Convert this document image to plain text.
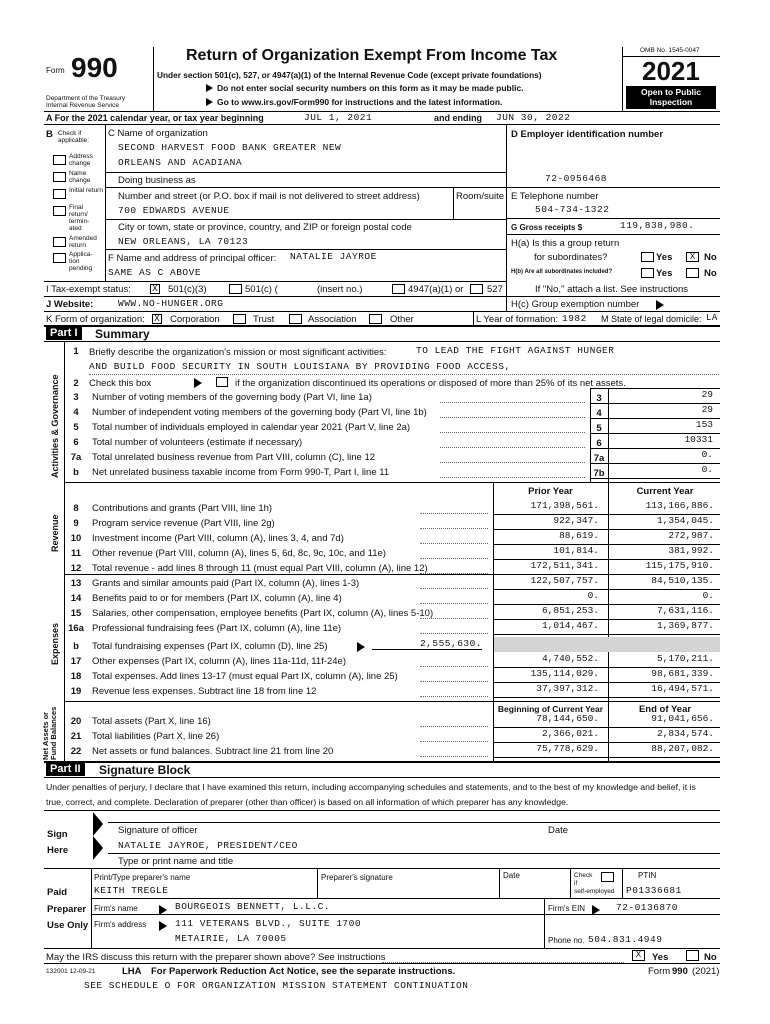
Form 990
Department of the Treasury
Internal Revenue Service
Return of Organization Exempt From Income Tax
Under section 501(c), 527, or 4947(a)(1) of the Internal Revenue Code (except private foundations)
Do not enter social security numbers on this form as it may be made public.
Go to www.irs.gov/Form990 for instructions and the latest information.
OMB No. 1545-0047
2021
Open to Public
Inspection
A For the 2021 calendar year, or tax year beginning	JUL 1, 2021	and ending JUN 30, 2022
B Check if
applicable:
Address change
Name change
Initial return
Final return/ termin- ated
Amended return
Applica- tion pending
C Name of organization
SECOND HARVEST FOOD BANK GREATER NEW
ORLEANS AND ACADIANA
Doing business as
Number and street (or P.O. box if mail is not delivered to street address)	Room/suite
700 EDWARDS AVENUE
City or town, state or province, country, and ZIP or foreign postal code
NEW ORLEANS, LA 70123
F Name and address of principal officer: NATALIE JAYROE
SAME AS C ABOVE
D Employer identification number
72-0956468
E Telephone number
504-734-1322
G Gross receipts $	119,838,980.
H(a) Is this a group return
for subordinates?	Yes	X No
H(b) Are all subordinates included?	Yes	No
If "No," attach a list. See instructions
I Tax-exempt status: X 501(c)(3)	501(c) (	(insert no.)	4947(a)(1) or 527
J Website:	WWW.NO-HUNGER.ORG	H(c) Group exemption number
K Form of organization: X Corporation	Trust	Association	Other	L Year of formation: 1982 M State of legal domicile: LA
Part I	Summary
Activities & Governance
Revenue
Expenses
Net Assets or Fund Balances
1	Briefly describe the organization's mission or most significant activities:	TO LEAD THE FIGHT AGAINST HUNGER
AND BUILD FOOD SECURITY IN SOUTH LOUISIANA BY PROVIDING FOOD ACCESS,
2	Check this box	if the organization discontinued its operations or disposed of more than 25% of its net assets.
3	Number of voting members of the governing body (Part VI, line 1a)	3	29
4	Number of independent voting members of the governing body (Part VI, line 1b)	4	29
5	Total number of individuals employed in calendar year 2021 (Part V, line 2a)	5	153
6	Total number of volunteers (estimate if necessary)	6	10331
7a	Total unrelated business revenue from Part VIII, column (C), line 12	7a	0.
b	Net unrelated business taxable income from Form 990-T, Part I, line 11	7b	0.
Prior Year	Current Year
8	Contributions and grants (Part VIII, line 1h)	171,398,561.	113,166,886.
9	Program service revenue (Part VIII, line 2g)	922,347.	1,354,045.
10	Investment income (Part VIII, column (A), lines 3, 4, and 7d)	88,619.	272,987.
11	Other revenue (Part VIII, column (A), lines 5, 6d, 8c, 9c, 10c, and 11e)	101,814.	381,992.
12	Total revenue - add lines 8 through 11 (must equal Part VIII, column (A), line 12)	172,511,341.	115,175,910.
13	Grants and similar amounts paid (Part IX, column (A), lines 1-3)	122,507,757.	84,510,135.
14	Benefits paid to or for members (Part IX, column (A), line 4)	0.	0.
15	Salaries, other compensation, employee benefits (Part IX, column (A), lines 5-10)	6,851,253.	7,631,116.
16a Professional fundraising fees (Part IX, column (A), line 11e)	1,014,467.	1,369,877.
b	Total fundraising expenses (Part IX, column (D), line 25)	2,555,630.
17	Other expenses (Part IX, column (A), lines 11a-11d, 11f-24e)	4,740,552.	5,170,211.
18	Total expenses. Add lines 13-17 (must equal Part IX, column (A), line 25)	135,114,029.	98,681,339.
19	Revenue less expenses. Subtract line 18 from line 12	37,397,312.	16,494,571.
Beginning of Current Year	End of Year
20	Total assets (Part X, line 16)	78,144,650.	91,041,656.
21	Total liabilities (Part X, line 26)	2,366,021.	2,834,574.
22	Net assets or fund balances. Subtract line 21 from line 20	75,778,629.	88,207,082.
Part II	Signature Block
Under penalties of perjury, I declare that I have examined this return, including accompanying schedules and statements, and to the best of my knowledge and belief, it is
true, correct, and complete. Declaration of preparer (other than officer) is based on all information of which preparer has any knowledge.
Sign
Here
Signature of officer	Date
NATALIE JAYROE, PRESIDENT/CEO
Type or print name and title
Paid
Preparer
Use Only
Print/Type preparer's name	Preparer's signature	Date	Check
if
self-employed
PTIN
KEITH TREGLE	P01336681
Firm's name	BOURGEOIS BENNETT, L.L.C.	Firm's EIN	72-0136870
Firm's address	111 VETERANS BLVD., SUITE 1700
METAIRIE, LA 70005	Phone no. 504.831.4949
May the IRS discuss this return with the preparer shown above? See instructions	X	Yes	No
132001 12-09-21	LHA For Paperwork Reduction Act Notice, see the separate instructions.	Form 990 (2021)
SEE SCHEDULE O FOR ORGANIZATION MISSION STATEMENT CONTINUATION
